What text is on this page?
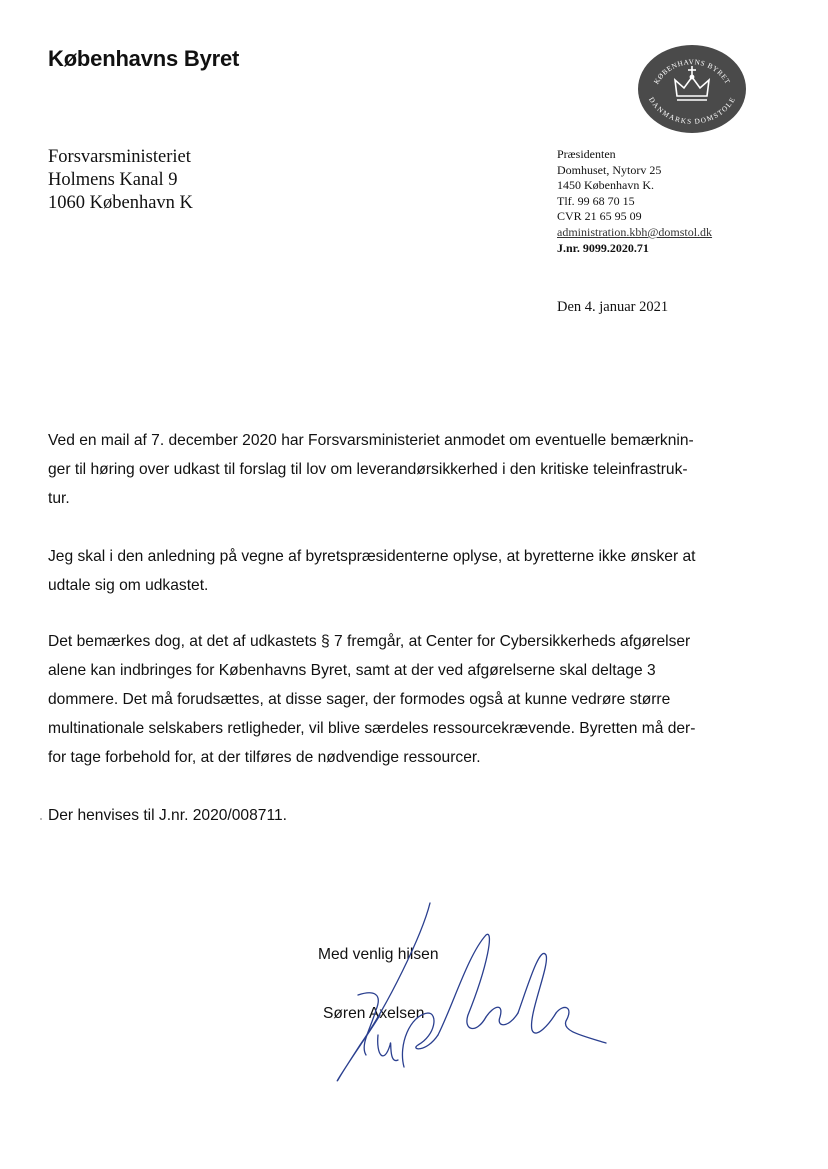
Københavns Byret
KØBENHAVNS BYRET
DANMARKS DOMSTOLE
Forsvarsministeriet
Holmens Kanal 9
1060 København K
Præsidenten
Domhuset, Nytorv 25
1450 København K.
Tlf. 99 68 70 15
CVR 21 65 95 09
administration.kbh@domstol.dk
J.nr. 9099.2020.71
Den 4. januar 2021
Ved en mail af 7. december 2020 har Forsvarsministeriet anmodet om eventuelle bemærknin-
ger til høring over udkast til forslag til lov om leverandørsikkerhed i den kritiske teleinfrastruk-
tur.
Jeg skal i den anledning på vegne af byretspræsidenterne oplyse, at byretterne ikke ønsker at
udtale sig om udkastet.
Det bemærkes dog, at det af udkastets § 7 fremgår, at Center for Cybersikkerheds afgørelser
alene kan indbringes for Københavns Byret, samt at der ved afgørelserne skal deltage 3
dommere. Det må forudsættes, at disse sager, der formodes også at kunne vedrøre større
multinationale selskabers retligheder, vil blive særdeles ressourcekrævende. Byretten må der-
for tage forbehold for, at der tilføres de nødvendige ressourcer.
Der henvises til J.nr. 2020/008711.
Med venlig hilsen
Søren Axelsen
